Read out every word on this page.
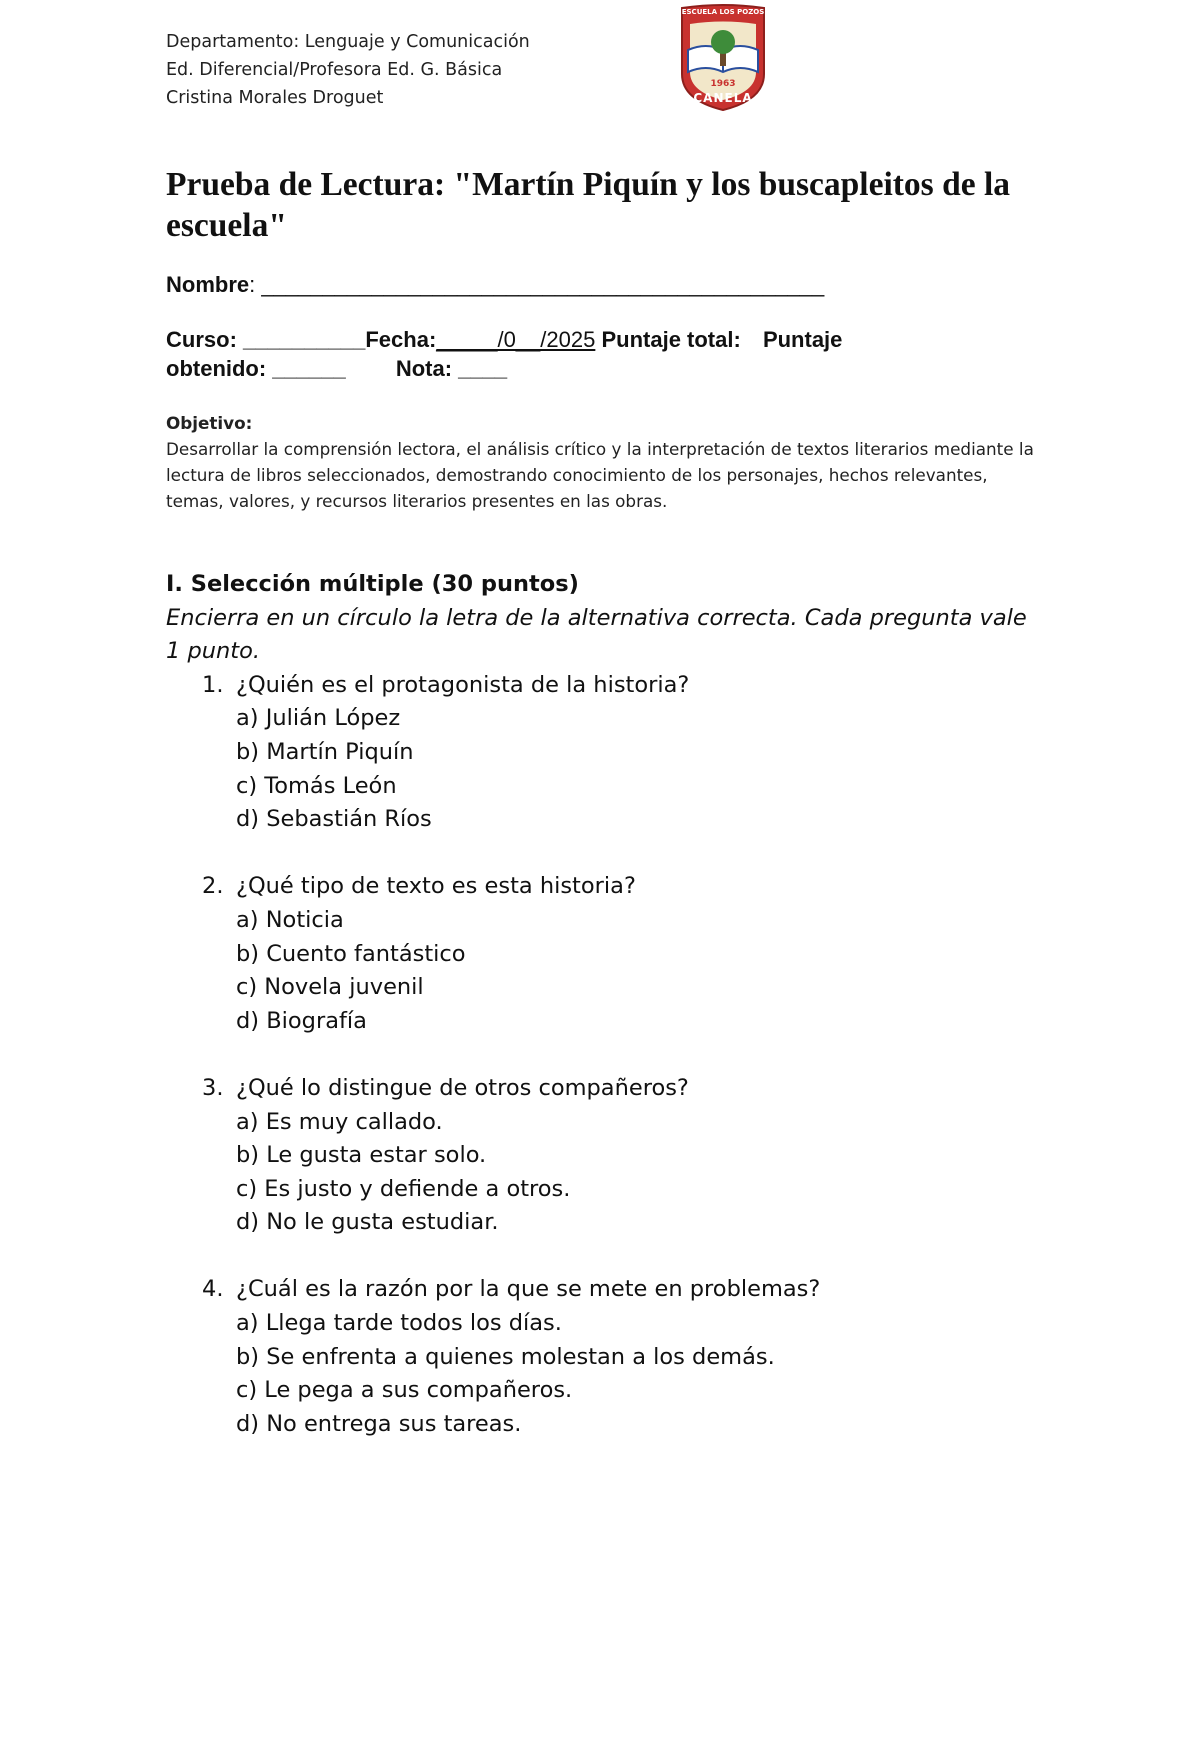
Departamento: Lenguaje y Comunicación
Ed. Diferencial/Profesora Ed. G. Básica
Cristina Morales Droguet
ESCUELA LOS POZOS
1963
CANELA
Prueba de Lectura: "Martín Piquín y los buscapleitos de la escuela"
Nombre: ______________________________________________
Curso: __________Fecha:_____/0__/2025 Puntaje total: Puntaje
obtenido: ______ Nota: ____
Objetivo:
Desarrollar la comprensión lectora, el análisis crítico y la interpretación de textos literarios mediante la lectura de libros seleccionados, demostrando conocimiento de los personajes, hechos relevantes, temas, valores, y recursos literarios presentes en las obras.
I. Selección múltiple (30 puntos)
Encierra en un círculo la letra de la alternativa correcta. Cada pregunta vale 1 punto.
1. ¿Quién es el protagonista de la historia?
a) Julián López
b) Martín Piquín
c) Tomás León
d) Sebastián Ríos
2. ¿Qué tipo de texto es esta historia?
a) Noticia
b) Cuento fantástico
c) Novela juvenil
d) Biografía
3. ¿Qué lo distingue de otros compañeros?
a) Es muy callado.
b) Le gusta estar solo.
c) Es justo y defiende a otros.
d) No le gusta estudiar.
4. ¿Cuál es la razón por la que se mete en problemas?
a) Llega tarde todos los días.
b) Se enfrenta a quienes molestan a los demás.
c) Le pega a sus compañeros.
d) No entrega sus tareas.
